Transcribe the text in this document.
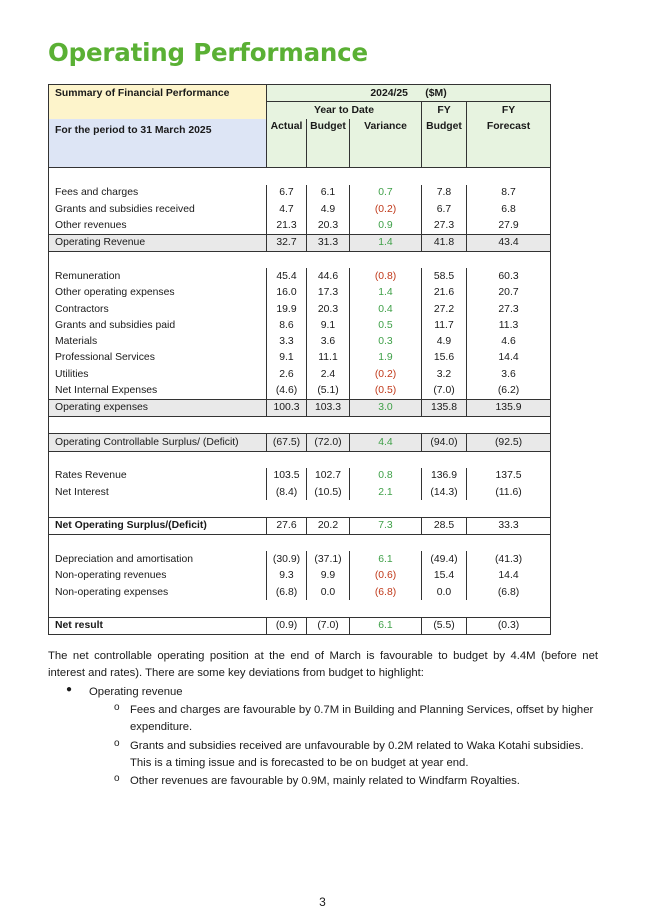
Operating Performance
Summary of Financial Performance	2024/25 ($M)				
	Year to Date			FY	FY
For the period to 31 March 2025	Actual	Budget	Variance	Budget	Forecast

Fees and charges	6.7	6.1	0.7	7.8	8.7
Grants and subsidies received	4.7	4.9	(0.2)	6.7	6.8
Other revenues	21.3	20.3	0.9	27.3	27.9
Operating Revenue	32.7	31.3	1.4	41.8	43.4

Remuneration	45.4	44.6	(0.8)	58.5	60.3
Other operating expenses	16.0	17.3	1.4	21.6	20.7
Contractors	19.9	20.3	0.4	27.2	27.3
Grants and subsidies paid	8.6	9.1	0.5	11.7	11.3
Materials	3.3	3.6	0.3	4.9	4.6
Professional Services	9.1	11.1	1.9	15.6	14.4
Utilities	2.6	2.4	(0.2)	3.2	3.6
Net Internal Expenses	(4.6)	(5.1)	(0.5)	(7.0)	(6.2)
Operating expenses	100.3	103.3	3.0	135.8	135.9

Operating Controllable Surplus/ (Deficit)	(67.5)	(72.0)	4.4	(94.0)	(92.5)

Rates Revenue	103.5	102.7	0.8	136.9	137.5
Net Interest	(8.4)	(10.5)	2.1	(14.3)	(11.6)

Net Operating Surplus/(Deficit)	27.6	20.2	7.3	28.5	33.3

Depreciation and amortisation	(30.9)	(37.1)	6.1	(49.4)	(41.3)
Non-operating revenues	9.3	9.9	(0.6)	15.4	14.4
Non-operating expenses	(6.8)	0.0	(6.8)	0.0	(6.8)

Net result	(0.9)	(7.0)	6.1	(5.5)	(0.3)

The net controllable operating position at the end of March is favourable to budget by 4.4M (before net interest and rates). There are some key deviations from budget to highlight:

● Operating revenue
o Fees and charges are favourable by 0.7M in Building and Planning Services, offset by higher expenditure.
o Grants and subsidies received are unfavourable by 0.2M related to Waka Kotahi subsidies. This is a timing issue and is forecasted to be on budget at year end.
o Other revenues are favourable by 0.9M, mainly related to Windfarm Royalties.
3
